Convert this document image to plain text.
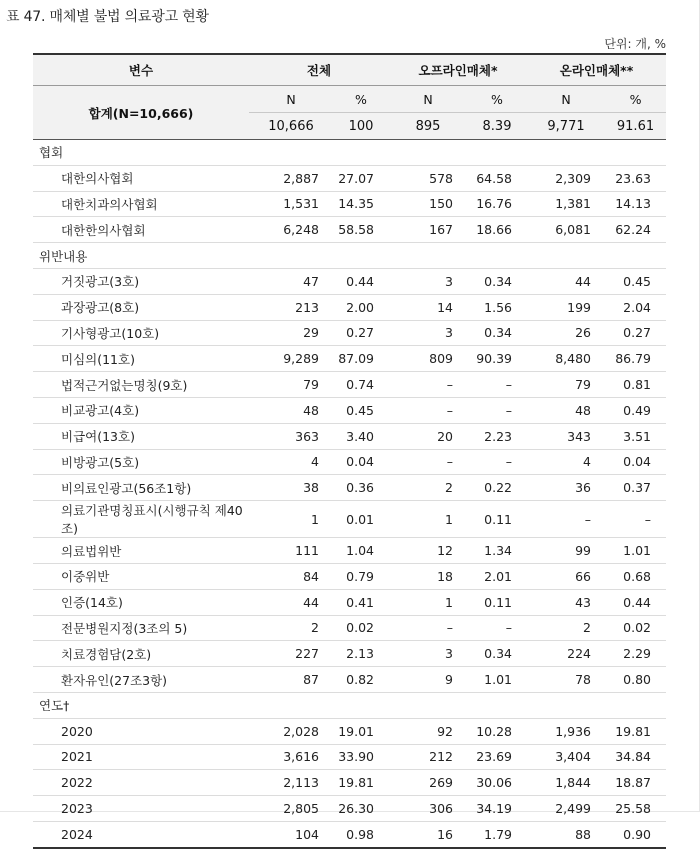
표 47. 매체별 불법 의료광고 현황
단위: 개, %
변수	전체		오프라인매체*		온라인매체**	
합계(N=10,666)	N	%	N	%	N	%
	10,666	100	895	8.39	9,771	91.61
협회						
대한의사협회	2,887	27.07	578	64.58	2,309	23.63
대한치과의사협회	1,531	14.35	150	16.76	1,381	14.13
대한한의사협회	6,248	58.58	167	18.66	6,081	62.24
위반내용						
거짓광고(3호)	47	0.44	3	0.34	44	0.45
과장광고(8호)	213	2.00	14	1.56	199	2.04
기사형광고(10호)	29	0.27	3	0.34	26	0.27
미심의(11호)	9,289	87.09	809	90.39	8,480	86.79
법적근거없는명칭(9호)	79	0.74	–	–	79	0.81
비교광고(4호)	48	0.45	–	–	48	0.49
비급여(13호)	363	3.40	20	2.23	343	3.51
비방광고(5호)	4	0.04	–	–	4	0.04
비의료인광고(56조1항)	38	0.36	2	0.22	36	0.37
의료기관명칭표시(시행규칙 제40조)	1	0.01	1	0.11	–	–
의료법위반	111	1.04	12	1.34	99	1.01
이중위반	84	0.79	18	2.01	66	0.68
인증(14호)	44	0.41	1	0.11	43	0.44
전문병원지정(3조의 5)	2	0.02	–	–	2	0.02
치료경험담(2호)	227	2.13	3	0.34	224	2.29
환자유인(27조3항)	87	0.82	9	1.01	78	0.80
연도†						
2020	2,028	19.01	92	10.28	1,936	19.81
2021	3,616	33.90	212	23.69	3,404	34.84
2022	2,113	19.81	269	30.06	1,844	18.87
2023	2,805	26.30	306	34.19	2,499	25.58
2024	104	0.98	16	1.79	88	0.90
